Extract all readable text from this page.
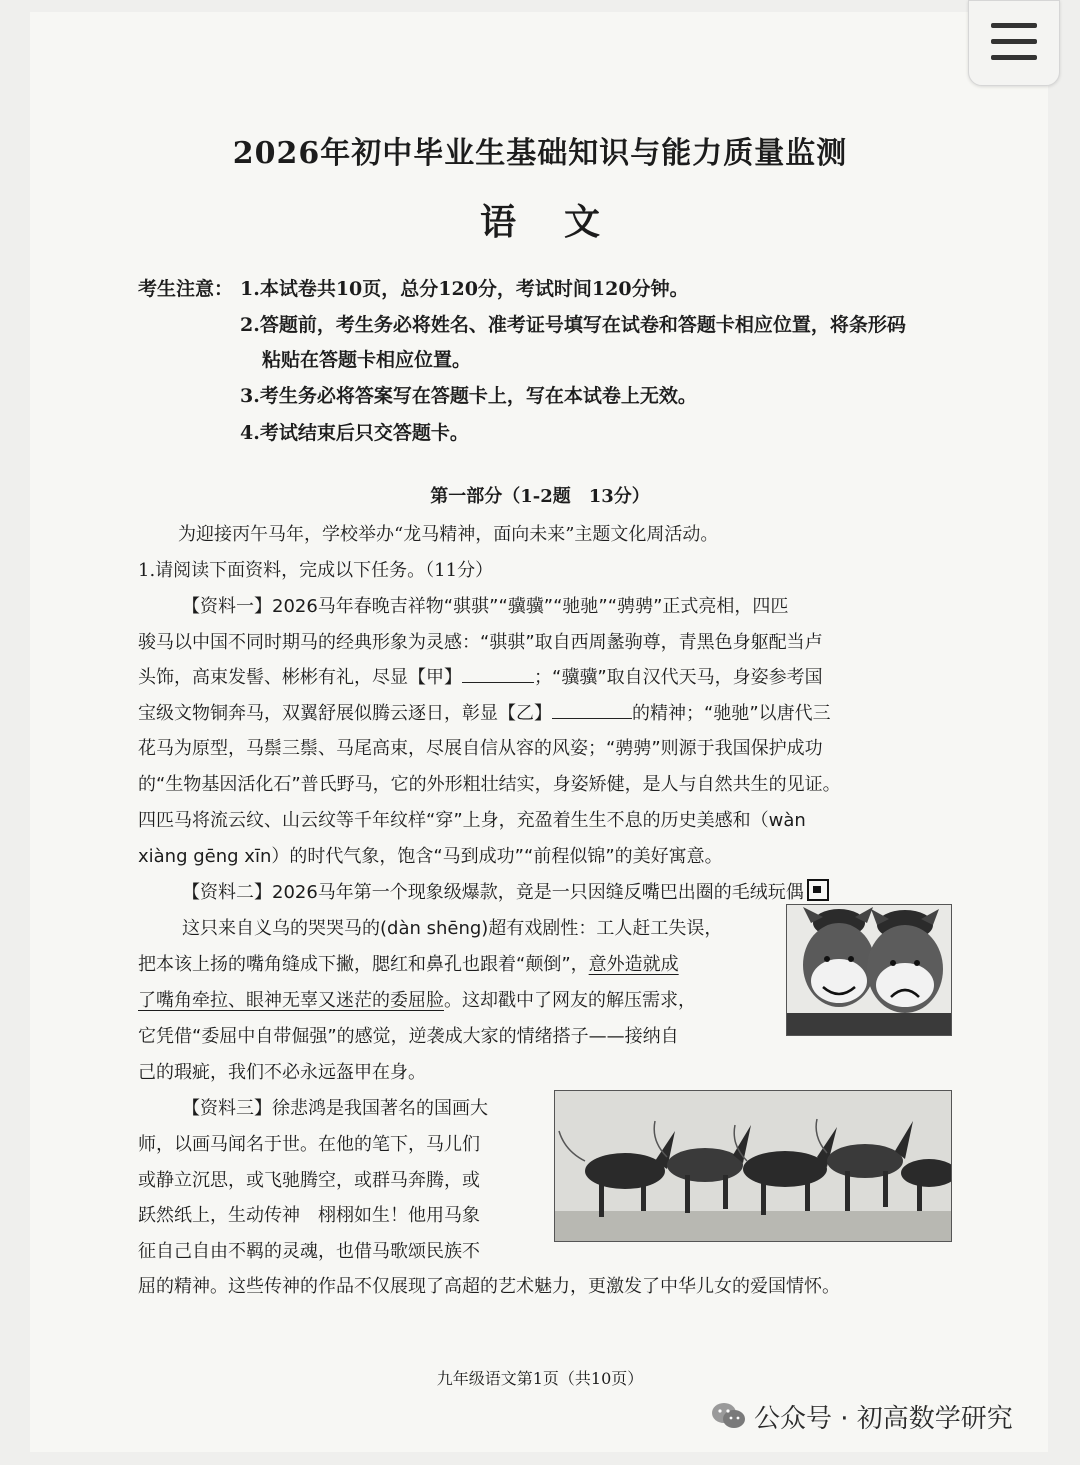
2026年初中毕业生基础知识与能力质量监测
语文
考生注意： 1.本试卷共10页，总分120分，考试时间120分钟。
2.答题前，考生务必将姓名、准考证号填写在试卷和答题卡相应位置，将条形码
粘贴在答题卡相应位置。
3.考生务必将答案写在答题卡上，写在本试卷上无效。
4.考试结束后只交答题卡。
第一部分（1-2题　13分）
为迎接丙午马年，学校举办“龙马精神，面向未来”主题文化周活动。
1.请阅读下面资料，完成以下任务。（11分）
【资料一】2026马年春晚吉祥物“骐骐”“骥骥”“驰驰”“骋骋”正式亮相，四匹
骏马以中国不同时期马的经典形象为灵感：“骐骐”取自西周盠驹尊，青黑色身躯配当卢
头饰，高束发髻、彬彬有礼，尽显【甲】	；“骥骥”取自汉代天马，身姿参考国
宝级文物铜奔马，双翼舒展似腾云逐日，彰显【乙】	的精神；“驰驰”以唐代三
花马为原型，马鬃三鬃、马尾高束，尽展自信从容的风姿；“骋骋”则源于我国保护成功
的“生物基因活化石”普氏野马，它的外形粗壮结实，身姿矫健，是人与自然共生的见证。
四匹马将流云纹、山云纹等千年纹样“穿”上身，充盈着生生不息的历史美感和（wàn
xiàng gēng xīn）的时代气象，饱含“马到成功”“前程似锦”的美好寓意。
【资料二】2026马年第一个现象级爆款，竟是一只因缝反嘴巴出圈的毛绒玩偶
这只来自义乌的哭哭马的(dàn shēng)超有戏剧性：工人赶工失误，
把本该上扬的嘴角缝成下撇，腮红和鼻孔也跟着“颠倒”，意外造就成
了嘴角牵拉、眼神无辜又迷茫的委屈脸。这却戳中了网友的解压需求，
它凭借“委屈中自带倔强”的感觉，逆袭成大家的情绪搭子——接纳自
己的瑕疵，我们不必永远盔甲在身。
【资料三】徐悲鸿是我国著名的国画大
师，以画马闻名于世。在他的笔下，马儿们
或静立沉思，或飞驰腾空，或群马奔腾，或
跃然纸上，生动传神　栩栩如生！他用马象
征自己自由不羁的灵魂，也借马歌颂民族不
屈的精神。这些传神的作品不仅展现了高超的艺术魅力，更激发了中华儿女的爱国情怀。
九年级语文第1页（共10页）
公众号 · 初高数学研究
